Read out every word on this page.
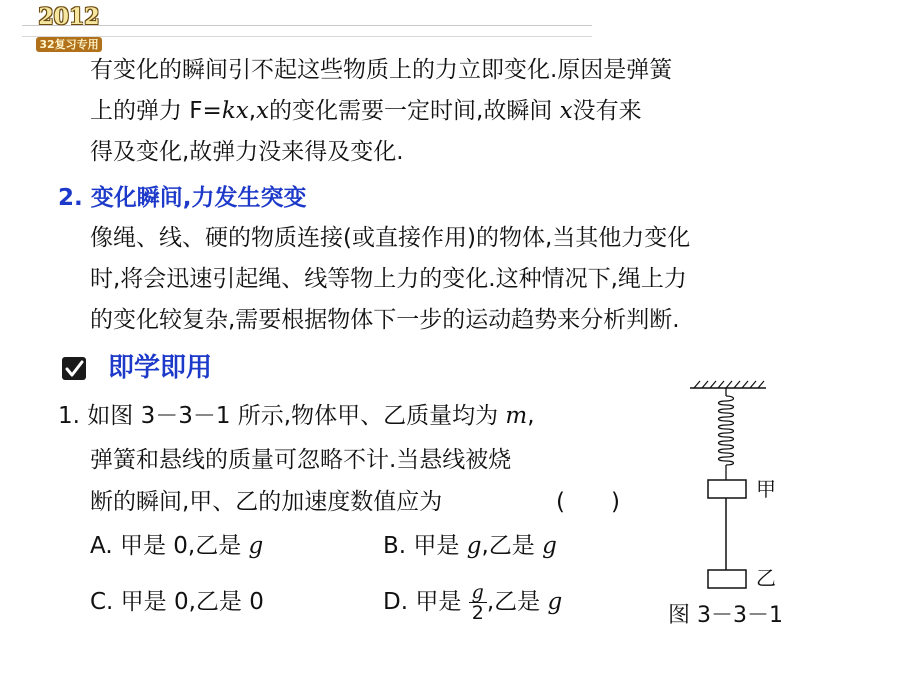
2012
32复习专用
有变化的瞬间引不起这些物质上的力立即变化.原因是弹簧
上的弹力 F=kx,x的变化需要一定时间,故瞬间 x没有来
得及变化,故弹力没来得及变化.
2. 变化瞬间,力发生突变
像绳、线、硬的物质连接(或直接作用)的物体,当其他力变化
时,将会迅速引起绳、线等物上力的变化.这种情况下,绳上力
的变化较复杂,需要根据物体下一步的运动趋势来分析判断.
即学即用
1. 如图 3－3－1 所示,物体甲、乙质量均为 m,
弹簧和悬线的质量可忽略不计.当悬线被烧
断的瞬间,甲、乙的加速度数值应为	(　　)
A. 甲是 0,乙是 g	B. 甲是 g,乙是 g
C. 甲是 0,乙是 0	D. 甲是 $\frac{g}{2}$ ,乙是 g
甲
乙
图 3－3－1
